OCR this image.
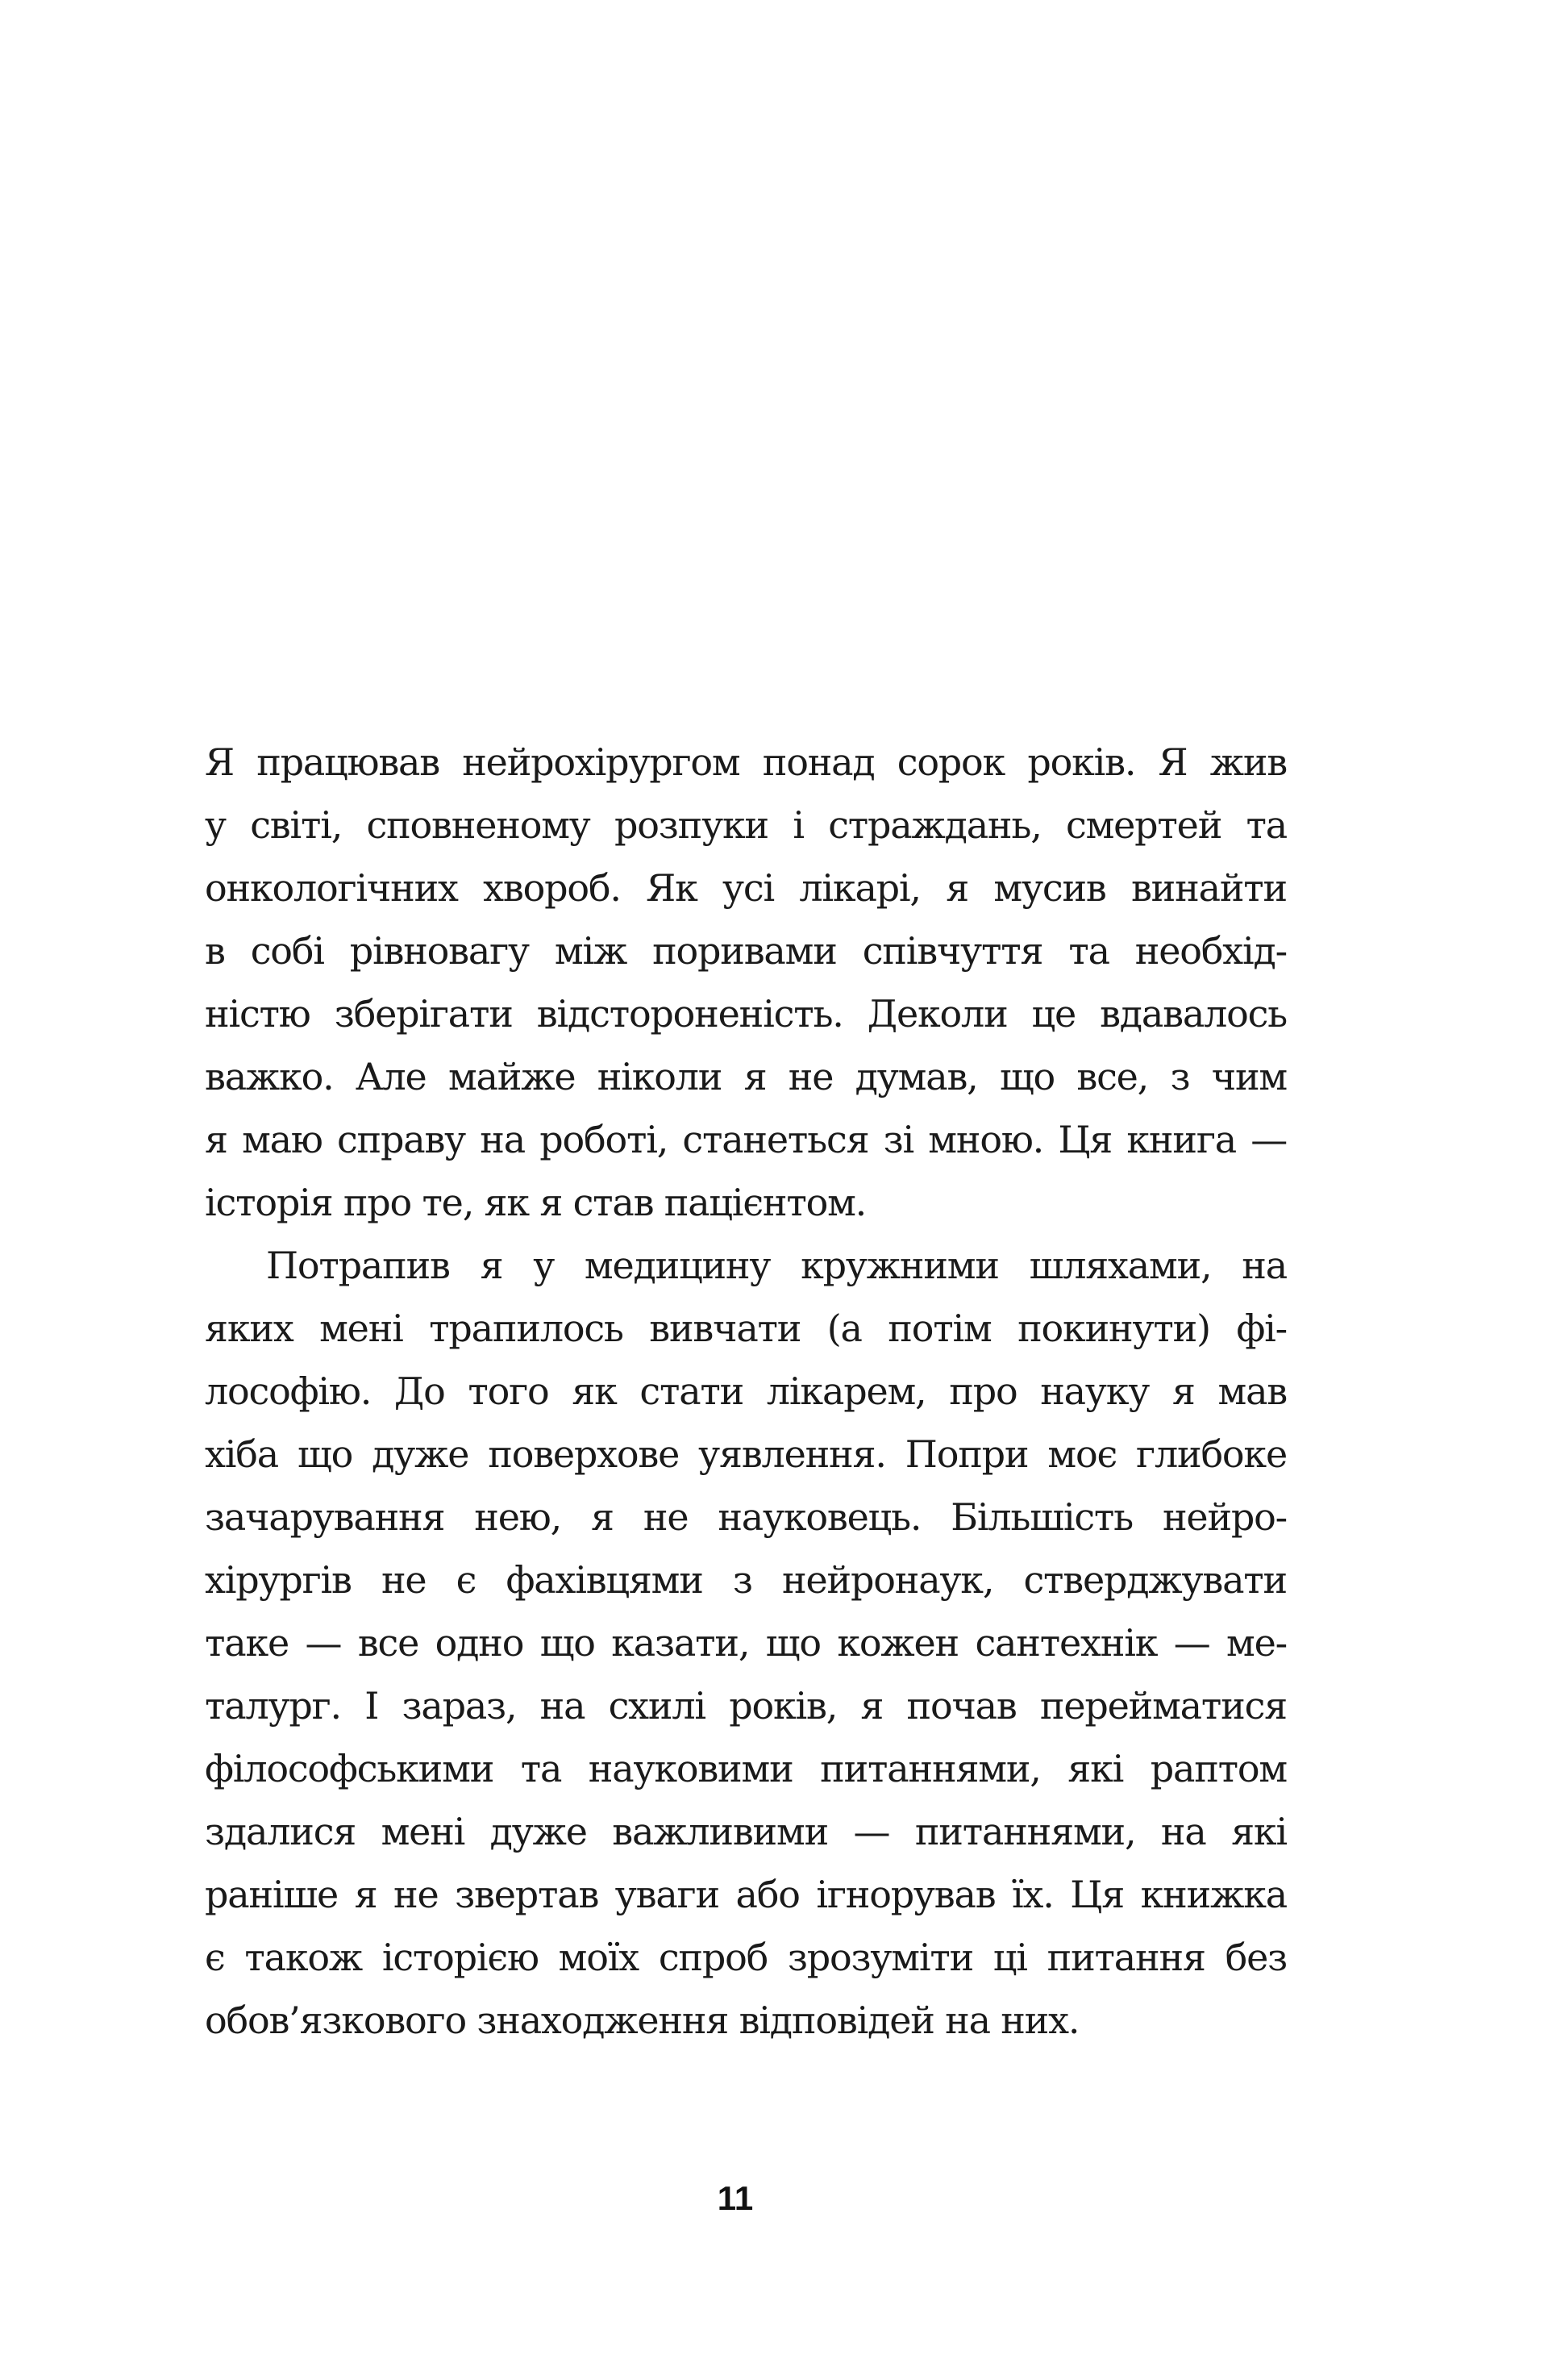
Я працював нейрохірургом понад сорок років. Я жив
у світі, сповненому розпуки і страждань, смертей та
онкологічних хвороб. Як усі лікарі, я мусив винайти
в собі рівновагу між поривами співчуття та необхід-
ністю зберігати відстороненість. Деколи це вдавалось
важко. Але майже ніколи я не думав, що все, з чим
я маю справу на роботі, станеться зі мною. Ця книга —
історія про те, як я став пацієнтом.
Потрапив я у медицину кружними шляхами, на
яких мені трапилось вивчати (а потім покинути) фі-
лософію. До того як стати лікарем, про науку я мав
хіба що дуже поверхове уявлення. Попри моє глибоке
зачарування нею, я не науковець. Більшість нейро-
хірургів не є фахівцями з нейронаук, стверджувати
таке — все одно що казати, що кожен сантехнік — ме-
талург. І зараз, на схилі років, я почав перейматися
філософськими та науковими питаннями, які раптом
здалися мені дуже важливими — питаннями, на які
раніше я не звертав уваги або ігнорував їх. Ця книжка
є також історією моїх спроб зрозуміти ці питання без
обов’язкового знаходження відповідей на них.
11
